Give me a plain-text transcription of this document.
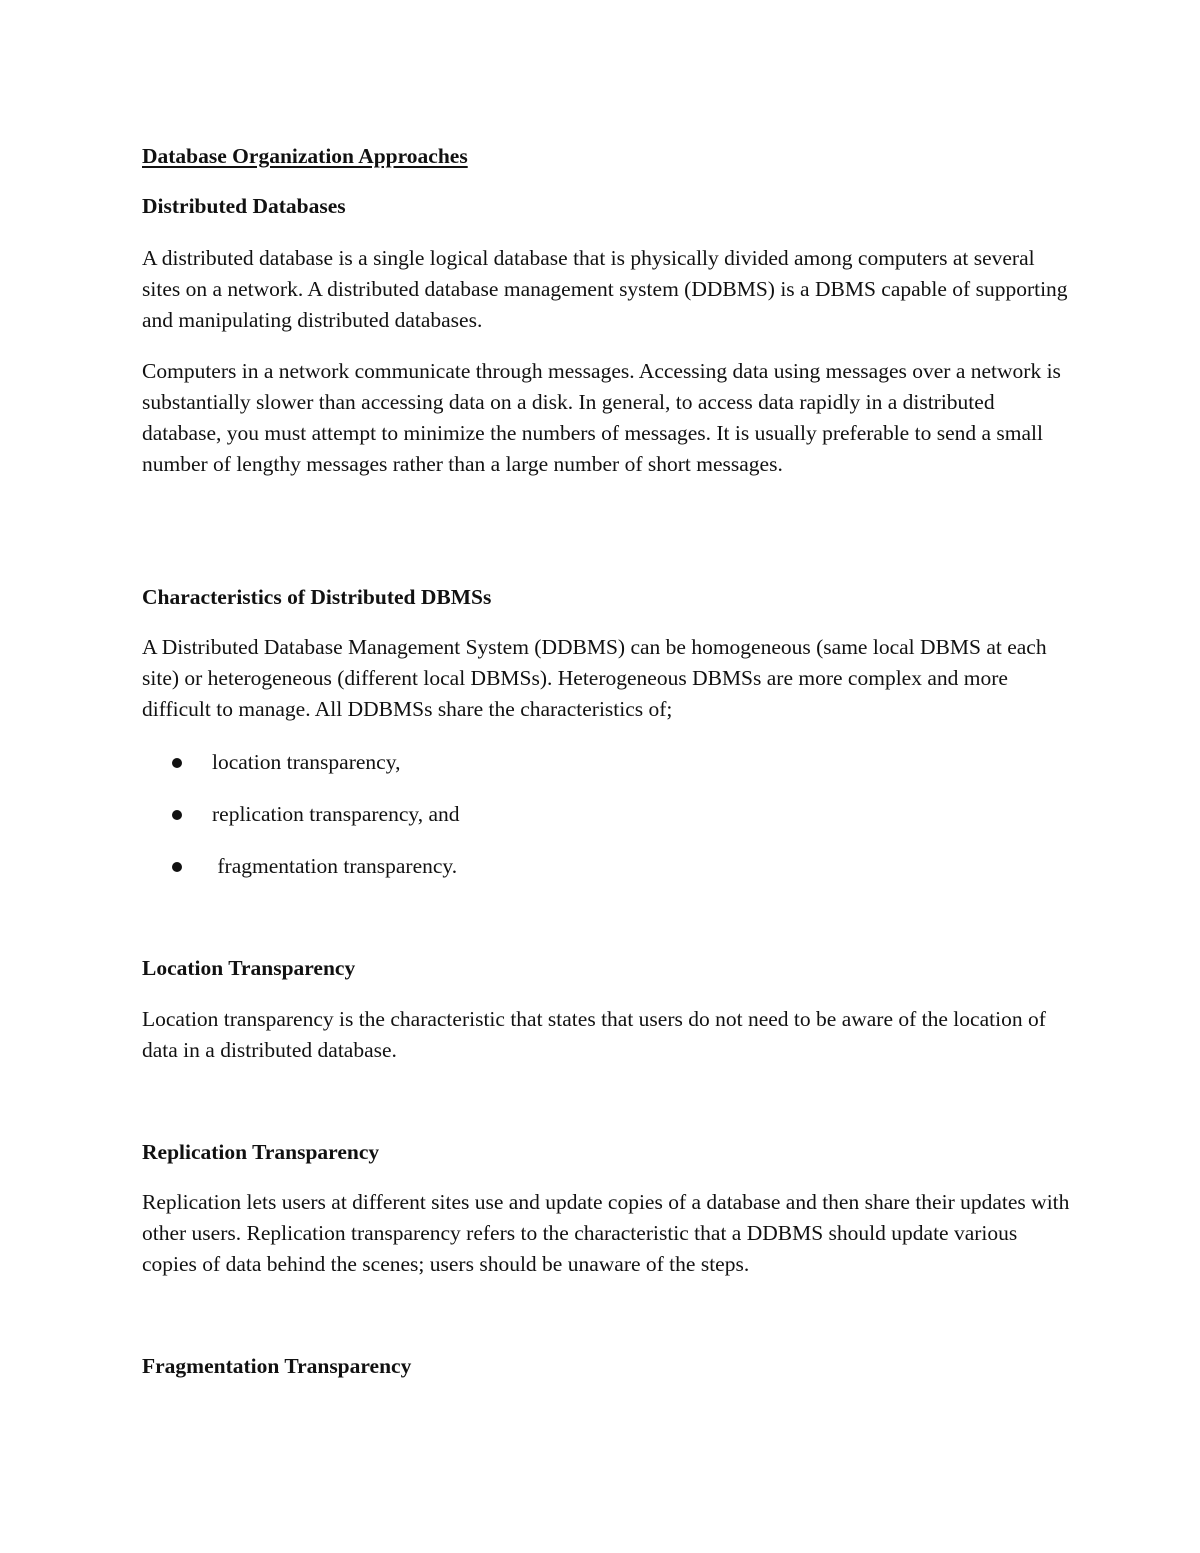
Database Organization Approaches
Distributed Databases

A distributed database is a single logical database that is physically divided among computers at several sites on a network. A distributed database management system (DDBMS) is a DBMS capable of supporting and manipulating distributed databases.

Computers in a network communicate through messages. Accessing data using messages over a network is substantially slower than accessing data on a disk. In general, to access data rapidly in a distributed database, you must attempt to minimize the numbers of messages. It is usually preferable to send a small number of lengthy messages rather than a large number of short messages.

Characteristics of Distributed DBMSs

A Distributed Database Management System (DDBMS) can be homogeneous (same local DBMS at each site) or heterogeneous (different local DBMSs). Heterogeneous DBMSs are more complex and more difficult to manage. All DDBMSs share the characteristics of;

location transparency,
replication transparency, and
fragmentation transparency.
Location Transparency

Location transparency is the characteristic that states that users do not need to be aware of the location of data in a distributed database.

Replication Transparency

Replication lets users at different sites use and update copies of a database and then share their updates with other users. Replication transparency refers to the characteristic that a DDBMS should update various copies of data behind the scenes; users should be unaware of the steps.

Fragmentation Transparency
